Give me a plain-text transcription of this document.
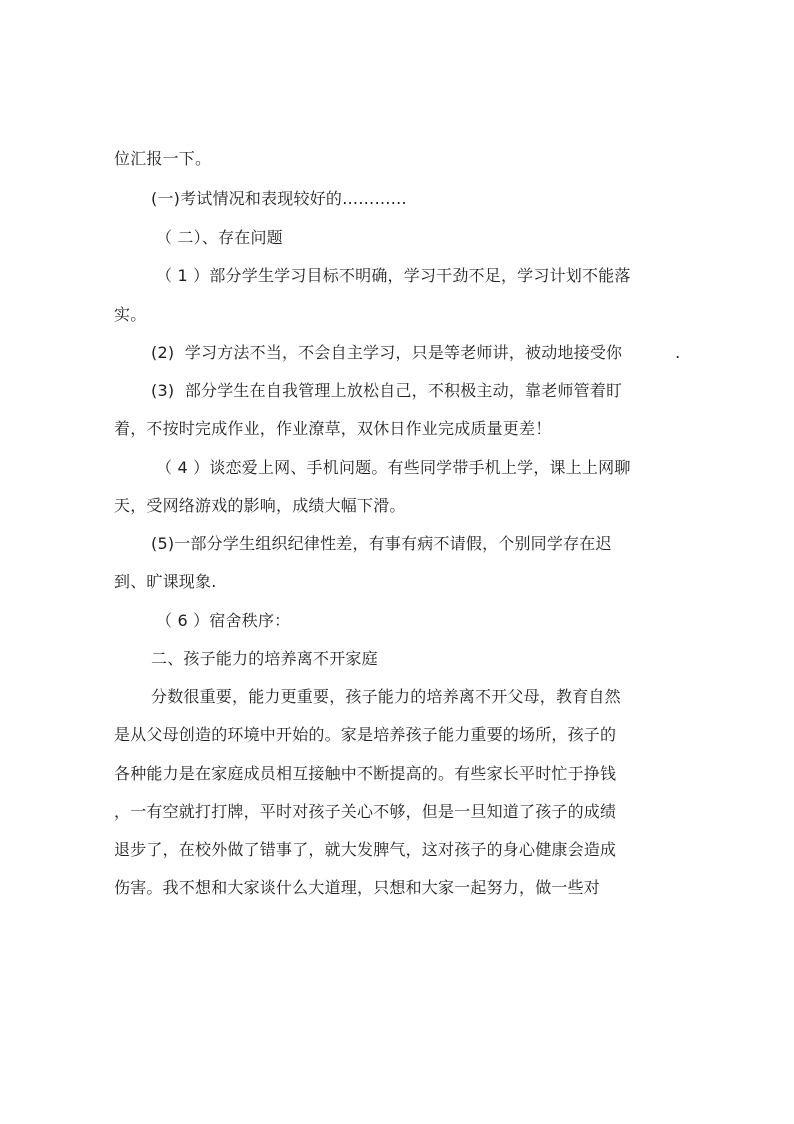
位汇报一下。
(一)考试情况和表现较好的…………
（ 二）、存在问题
（ 1 ）部分学生学习目标不明确，学习干劲不足，学习计划不能落
实。
(2)  学习方法不当，不会自主学习，只是等老师讲，被动地接受你          .
(3)  部分学生在自我管理上放松自己，不积极主动，靠老师管着盯
着，不按时完成作业，作业潦草，双休日作业完成质量更差！
（ 4 ）谈恋爱上网、手机问题。有些同学带手机上学，课上上网聊
天，受网络游戏的影响，成绩大幅下滑。
(5)一部分学生组织纪律性差，有事有病不请假，个别同学存在迟
到、旷课现象.
（ 6 ）宿舍秩序：
二、孩子能力的培养离不开家庭
分数很重要，能力更重要，孩子能力的培养离不开父母，教育自然
是从父母创造的环境中开始的。家是培养孩子能力重要的场所，孩子的
各种能力是在家庭成员相互接触中不断提高的。有些家长平时忙于挣钱
，一有空就打打牌，平时对孩子关心不够，但是一旦知道了孩子的成绩
退步了，在校外做了错事了，就大发脾气，这对孩子的身心健康会造成
伤害。我不想和大家谈什么大道理，只想和大家一起努力，做一些对
